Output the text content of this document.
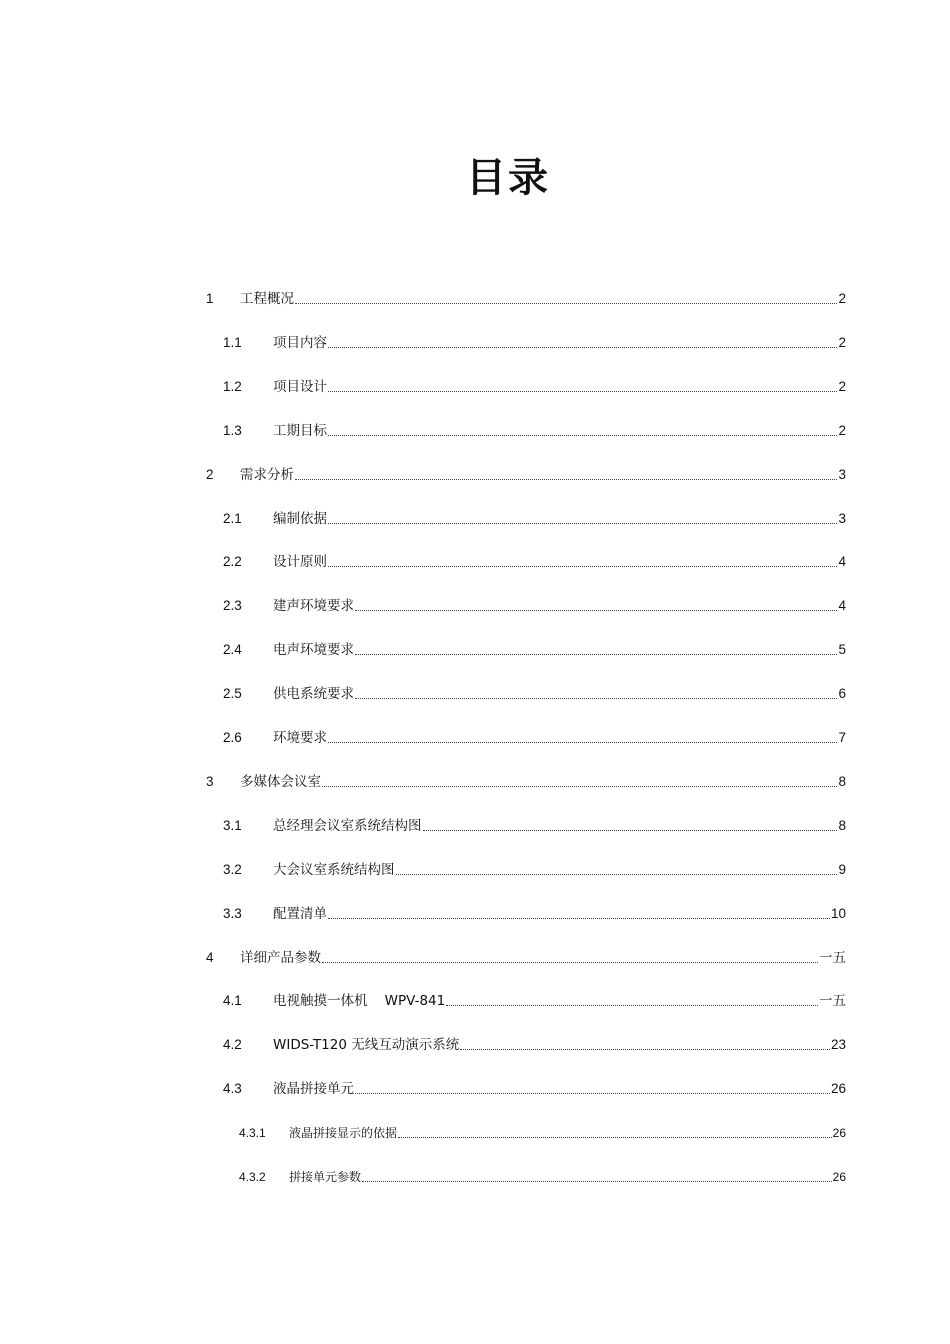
目录
1	工程概况	2
1.1	项目内容	2
1.2	项目设计	2
1.3	工期目标	2
2	需求分析	3
2.1	编制依据	3
2.2	设计原则	4
2.3	建声环境要求	4
2.4	电声环境要求	5
2.5	供电系统要求	6
2.6	环境要求	7
3	多媒体会议室	8
3.1	总经理会议室系统结构图	8
3.2	大会议室系统结构图	9
3.3	配置清单	10
4	详细产品参数	一五
4.1	电视触摸一体机    WPV-841	一五
4.2	WIDS-T120 无线互动演示系统	23
4.3	液晶拼接单元	26
4.3.1	液晶拼接显示的依据	26
4.3.2	拼接单元参数	26
